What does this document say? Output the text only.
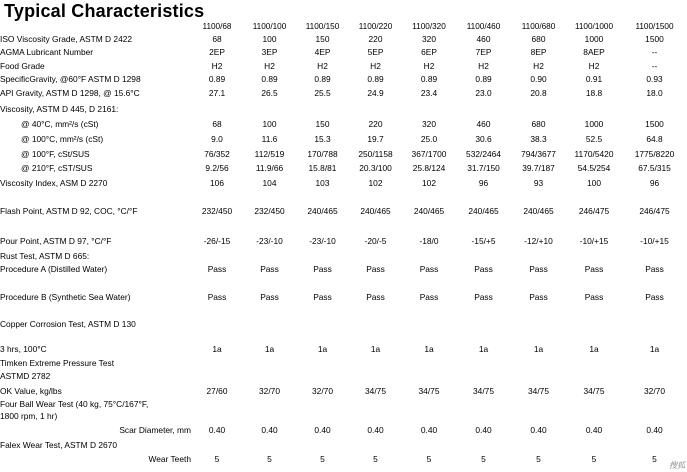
Typical Characteristics
	1100/68	1100/100	1100/150	1100/220	1100/320	1100/460	1100/680	1100/1000	1100/1500
ISO Viscosity Grade, ASTM D 2422	68	100	150	220	320	460	680	1000	1500
AGMA Lubricant Number	2EP	3EP	4EP	5EP	6EP	7EP	8EP	8AEP	--
Food Grade	H2	H2	H2	H2	H2	H2	H2	H2	--
SpecificGravity, @60°F ASTM D 1298	0.89	0.89	0.89	0.89	0.89	0.89	0.90	0.91	0.93
API Gravity, ASTM D 1298, @ 15.6°C	27.1	26.5	25.5	24.9	23.4	23.0	20.8	18.8	18.0
Viscosity, ASTM D 445, D 2161:									
@ 40°C, mm²/s (cSt)	68	100	150	220	320	460	680	1000	1500
@ 100°C, mm²/s (cSt)	9.0	11.6	15.3	19.7	25.0	30.6	38.3	52.5	64.8
@ 100°F, cSt/SUS	76/352	112/519	170/788	250/1158	367/1700	532/2464	794/3677	1170/5420	1775/8220
@ 210°F, cST/SUS	9.2/56	11.9/66	15.8/81	20.3/100	25.8/124	31.7/150	39.7/187	54.5/254	67.5/315
Viscosity Index, ASM D 2270	106	104	103	102	102	96	93	100	96

Flash Point, ASTM D 92, COC, °C/°F	232/450	232/450	240/465	240/465	240/465	240/465	240/465	246/475	246/475

Pour Point, ASTM D 97, °C/°F	-26/-15	-23/-10	-23/-10	-20/-5	-18/0	-15/+5	-12/+10	-10/+15	-10/+15
Rust Test, ASTM D 665:									
Procedure A (Distilled Water)	Pass	Pass	Pass	Pass	Pass	Pass	Pass	Pass	Pass

Procedure B (Synthetic Sea Water)	Pass	Pass	Pass	Pass	Pass	Pass	Pass	Pass	Pass

Copper Corrosion Test, ASTM D 130									

3 hrs, 100°C	1a	1a	1a	1a	1a	1a	1a	1a	1a
Timken Extreme Pressure Test									
ASTMD 2782									
OK Value, kg/lbs	27/60	32/70	32/70	34/75	34/75	34/75	34/75	34/75	32/70
Four Ball Wear Test (40 kg, 75°C/167°F,									
1800 rpm, 1 hr)									
Scar Diameter, mm	0.40	0.40	0.40	0.40	0.40	0.40	0.40	0.40	0.40
Falex Wear Test, ASTM D 2670									
Wear Teeth	5	5	5	5	5	5	5	5	5
搜狐
